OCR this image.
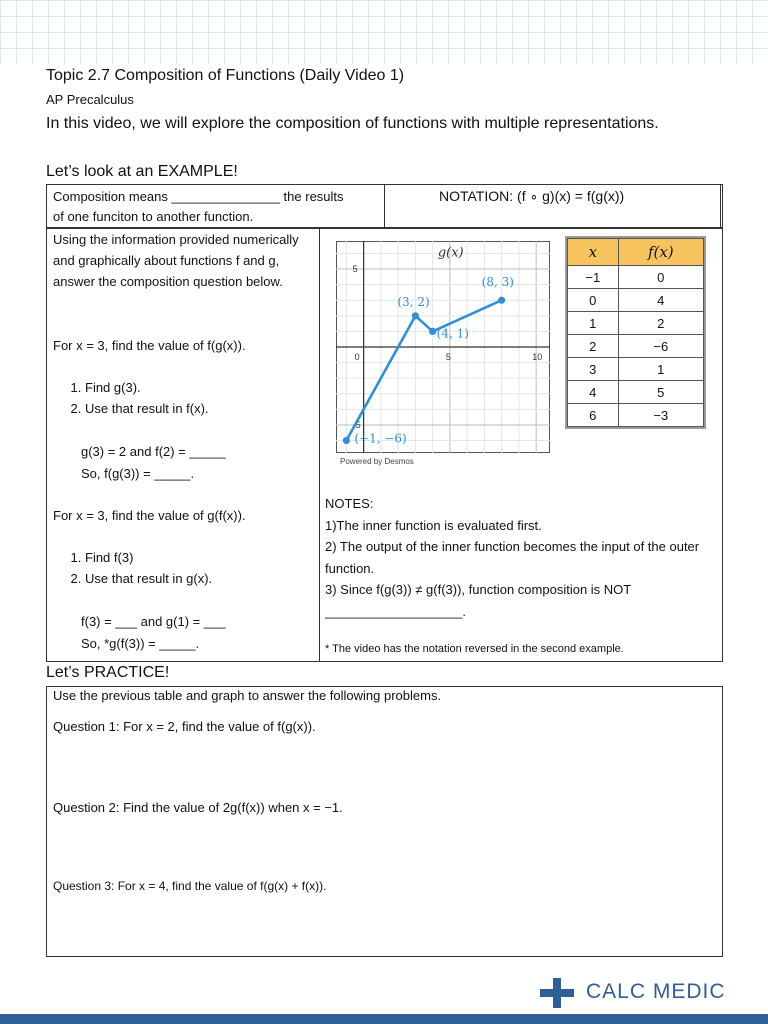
Topic 2.7 Composition of Functions (Daily Video 1)
AP Precalculus
In this video, we will explore the composition of functions with multiple representations.
Let’s look at an EXAMPLE!
Composition means _______________ the results
of one funciton to another function.
NOTATION: (f ∘ g)(x) = f(g(x))
Using the information provided numerically and graphically about functions f and g, answer the composition question below.
For x = 3, find the value of f(g(x)).
1. Find g(3).
2. Use that result in f(x).
g(3) = 2 and f(2) = _____
So, f(g(3)) = _____.
For x = 3, find the value of g(f(x)).
1. Find f(3)
2. Use that result in g(x).
f(3) = ___ and g(1) = ___
So, *g(f(3)) = _____.
NOTES:
1)The inner function is evaluated first.
2) The output of the inner function becomes the input of the outer function.
3) Since f(g(3)) ≠ g(f(3)), function composition is NOT
___________________.
* The video has the notation reversed in the second example.
0	5	10
5
-5
(−1, −6)
(3, 2)
(4, 1)
(8, 3)
g(x)
Powered by Desmos
x	f(x)
−1	0
0	4
1	2
2	−6
3	1
4	5
6	−3
Let’s PRACTICE!
Use the previous table and graph to answer the following problems.
Question 1: For x = 2, find the value of f(g(x)).
Question 2: Find the value of 2g(f(x)) when x = −1.
Question 3: For x = 4, find the value of f(g(x) + f(x)).
CALC MEDIC
